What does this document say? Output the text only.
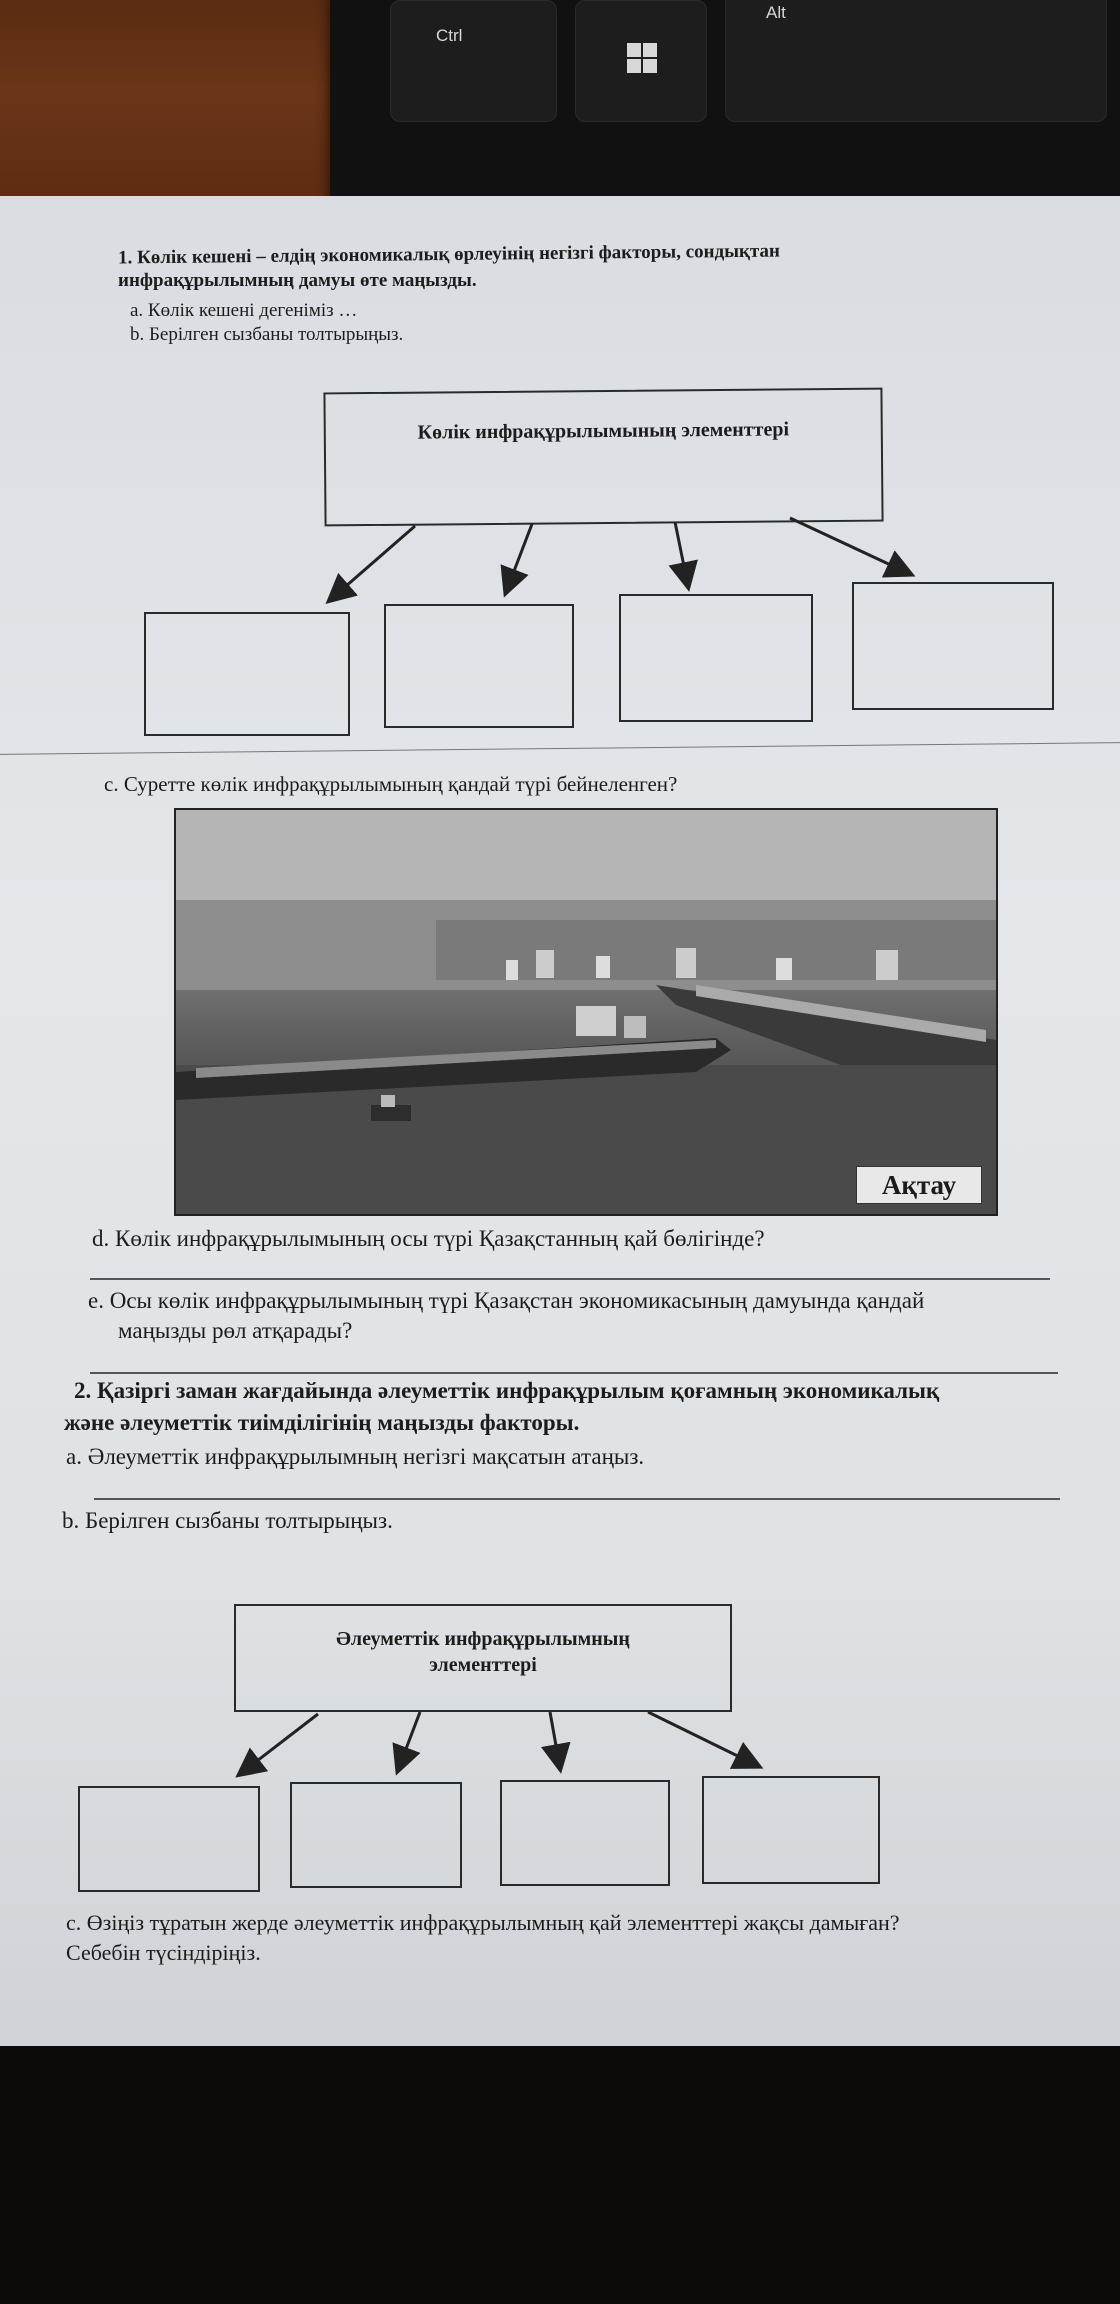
Ctrl
Alt
1. Көлік кешені – елдің экономикалық өрлеуінің негізгі факторы, сондықтан
инфрақұрылымның дамуы өте маңызды.
a. Көлік кешені дегеніміз …
b. Берілген сызбаны толтырыңыз.
Көлік инфрақұрылымының элементтері
c. Суретте көлік инфрақұрылымының қандай түрі бейнеленген?
Ақтау
d. Көлік инфрақұрылымының осы түрі Қазақстанның қай бөлігінде?
e. Осы көлік инфрақұрылымының түрі Қазақстан экономикасының дамуында қандай
маңызды рөл атқарады?
2. Қазіргі заман жағдайында әлеуметтік инфрақұрылым қоғамның экономикалық
және әлеуметтік тиімділігінің маңызды факторы.
a. Әлеуметтік инфрақұрылымның негізгі мақсатын атаңыз.
b. Берілген сызбаны толтырыңыз.
Әлеуметтік инфрақұрылымның
элементтері
c. Өзіңіз тұратын жерде әлеуметтік инфрақұрылымның қай элементтері жақсы дамыған?
Себебін түсіндіріңіз.
